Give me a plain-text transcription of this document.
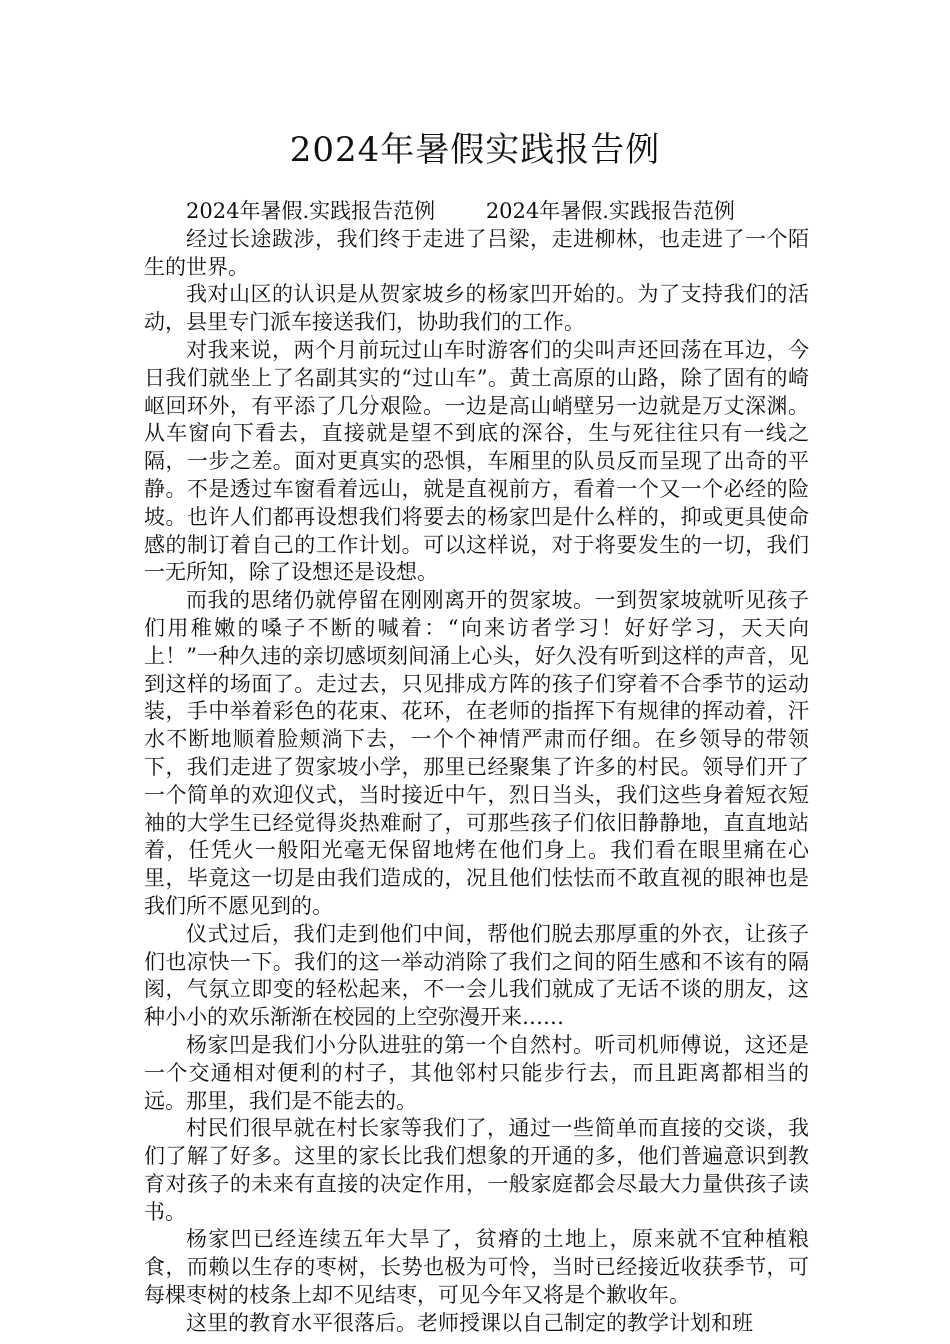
2024年暑假实践报告例

2024年暑假.实践报告范例 2024年暑假.实践报告范例

经过长途跋涉，我们终于走进了吕梁，走进柳林，也走进了一个陌生的世界。

我对山区的认识是从贺家坡乡的杨家凹开始的。为了支持我们的活动，县里专门派车接送我们，协助我们的工作。

对我来说，两个月前玩过山车时游客们的尖叫声还回荡在耳边，今日我们就坐上了名副其实的“过山车”。黄土高原的山路，除了固有的崎岖回环外，有平添了几分艰险。一边是高山峭壁另一边就是万丈深渊。从车窗向下看去，直接就是望不到底的深谷，生与死往往只有一线之隔，一步之差。面对更真实的恐惧，车厢里的队员反而呈现了出奇的平静。不是透过车窗看着远山，就是直视前方，看着一个又一个必经的险坡。也许人们都再设想我们将要去的杨家凹是什么样的，抑或更具使命感的制订着自己的工作计划。可以这样说，对于将要发生的一切，我们一无所知，除了设想还是设想。

而我的思绪仍就停留在刚刚离开的贺家坡。一到贺家坡就听见孩子们用稚嫩的嗓子不断的喊着：“向来访者学习！好好学习，天天向上！”一种久违的亲切感顷刻间涌上心头，好久没有听到这样的声音，见到这样的场面了。走过去，只见排成方阵的孩子们穿着不合季节的运动装，手中举着彩色的花束、花环，在老师的指挥下有规律的挥动着，汗水不断地顺着脸颊淌下去，一个个神情严肃而仔细。在乡领导的带领下，我们走进了贺家坡小学，那里已经聚集了许多的村民。领导们开了一个简单的欢迎仪式，当时接近中午，烈日当头，我们这些身着短衣短袖的大学生已经觉得炎热难耐了，可那些孩子们依旧静静地，直直地站着，任凭火一般阳光毫无保留地烤在他们身上。我们看在眼里痛在心里，毕竟这一切是由我们造成的，况且他们怯怯而不敢直视的眼神也是我们所不愿见到的。

仪式过后，我们走到他们中间，帮他们脱去那厚重的外衣，让孩子们也凉快一下。我们的这一举动消除了我们之间的陌生感和不该有的隔阂，气氛立即变的轻松起来，不一会儿我们就成了无话不谈的朋友，这种小小的欢乐渐渐在校园的上空弥漫开来……

杨家凹是我们小分队进驻的第一个自然村。听司机师傅说，这还是一个交通相对便利的村子，其他邻村只能步行去，而且距离都相当的远。那里，我们是不能去的。

村民们很早就在村长家等我们了，通过一些简单而直接的交谈，我们了解了好多。这里的家长比我们想象的开通的多，他们普遍意识到教育对孩子的未来有直接的决定作用，一般家庭都会尽最大力量供孩子读书。

杨家凹已经连续五年大旱了，贫瘠的土地上，原来就不宜种植粮食，而赖以生存的枣树，长势也极为可怜，当时已经接近收获季节，可每棵枣树的枝条上却不见结枣，可见今年又将是个歉收年。

这里的教育水平很落后。老师授课以自己制定的教学计划和班
